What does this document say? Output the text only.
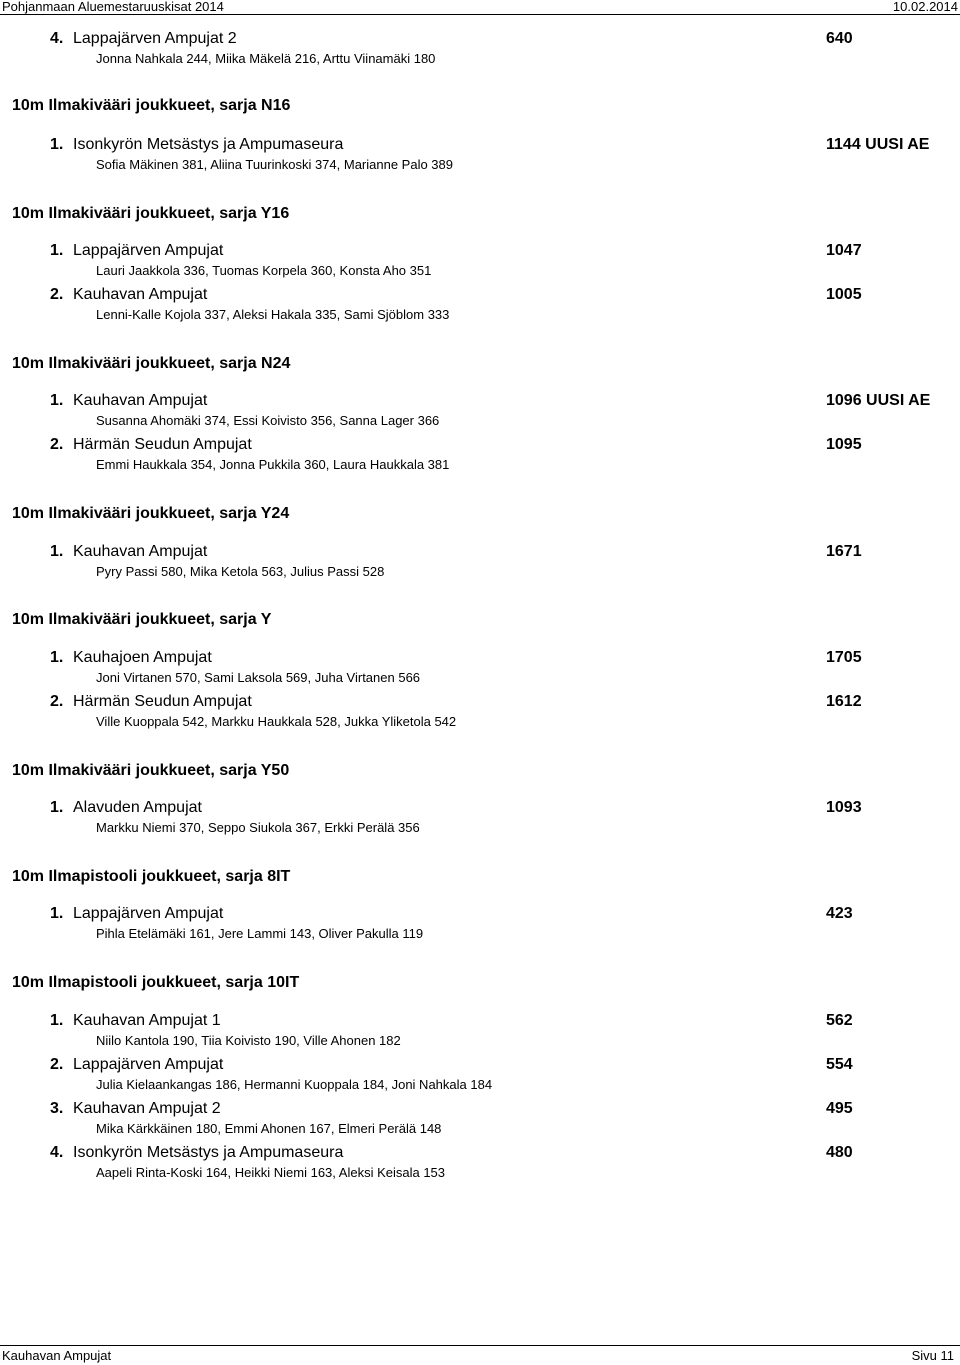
Pohjanmaan Aluemestaruuskisat 2014	10.02.2014
4. Lappajärven Ampujat 2	640
Jonna Nahkala 244, Miika Mäkelä 216, Arttu Viinamäki 180
10m Ilmakivääri joukkueet, sarja N16
1. Isonkyrön Metsästys ja Ampumaseura	1144 UUSI AE
Sofia Mäkinen 381, Aliina Tuurinkoski 374, Marianne Palo 389
10m Ilmakivääri joukkueet, sarja Y16
1. Lappajärven Ampujat	1047
Lauri Jaakkola 336, Tuomas Korpela 360, Konsta Aho 351
2. Kauhavan Ampujat	1005
Lenni-Kalle Kojola 337, Aleksi Hakala 335, Sami Sjöblom 333
10m Ilmakivääri joukkueet, sarja N24
1. Kauhavan Ampujat	1096 UUSI AE
Susanna Ahomäki 374, Essi Koivisto 356, Sanna Lager 366
2. Härmän Seudun Ampujat	1095
Emmi Haukkala 354, Jonna Pukkila 360, Laura Haukkala 381
10m Ilmakivääri joukkueet, sarja Y24
1. Kauhavan Ampujat	1671
Pyry Passi 580, Mika Ketola 563, Julius Passi 528
10m Ilmakivääri joukkueet, sarja Y
1. Kauhajoen Ampujat	1705
Joni Virtanen 570, Sami Laksola 569, Juha Virtanen 566
2. Härmän Seudun Ampujat	1612
Ville Kuoppala 542, Markku Haukkala 528, Jukka Yliketola 542
10m Ilmakivääri joukkueet, sarja Y50
1. Alavuden Ampujat	1093
Markku Niemi 370, Seppo Siukola 367, Erkki Perälä 356
10m Ilmapistooli joukkueet, sarja 8IT
1. Lappajärven Ampujat	423
Pihla Etelämäki 161, Jere Lammi 143, Oliver Pakulla 119
10m Ilmapistooli joukkueet, sarja 10IT
1. Kauhavan Ampujat 1	562
Niilo Kantola 190, Tiia Koivisto 190, Ville Ahonen 182
2. Lappajärven Ampujat	554
Julia Kielaankangas 186, Hermanni Kuoppala 184, Joni Nahkala 184
3. Kauhavan Ampujat 2	495
Mika Kärkkäinen 180, Emmi Ahonen 167, Elmeri Perälä 148
4. Isonkyrön Metsästys ja Ampumaseura	480
Aapeli Rinta-Koski 164, Heikki Niemi 163, Aleksi Keisala 153
Kauhavan Ampujat	Sivu 11
